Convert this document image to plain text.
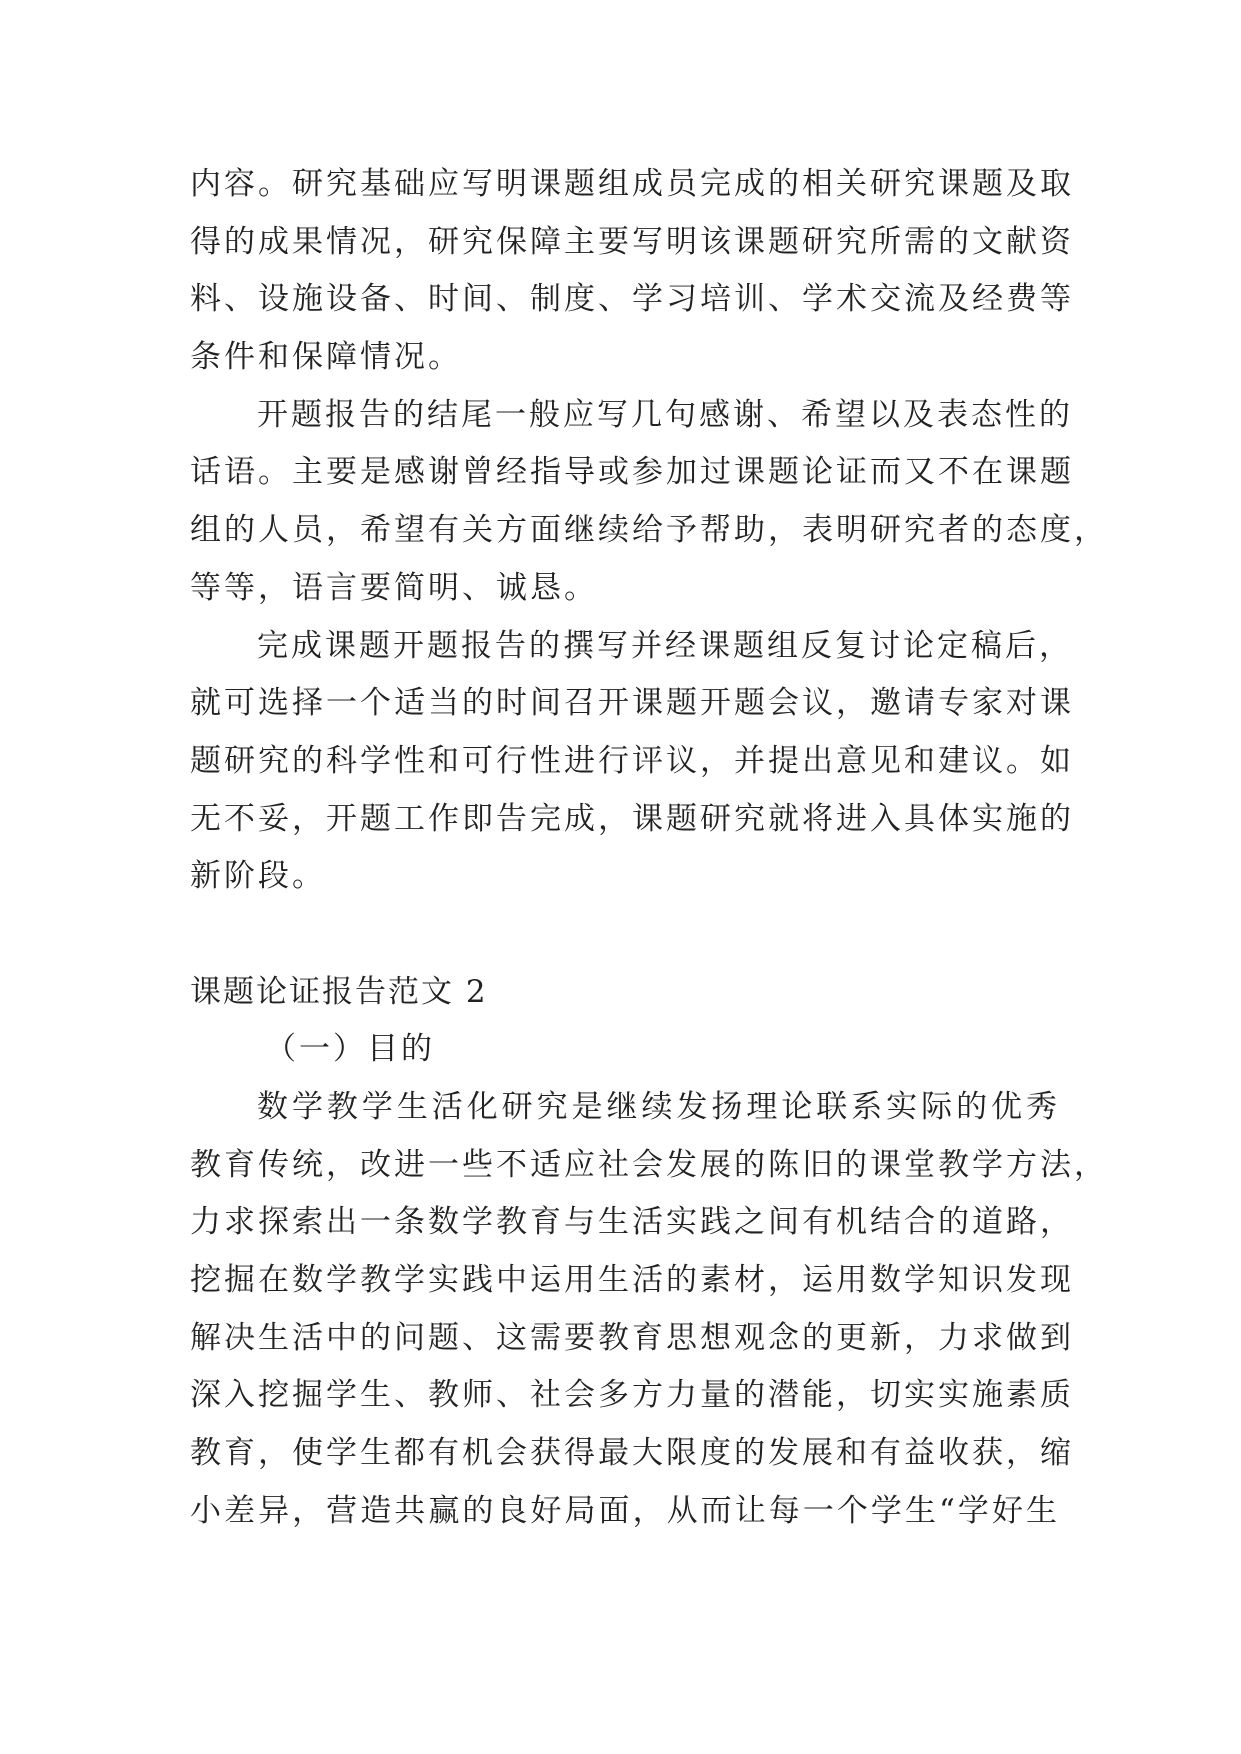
内容。研究基础应写明课题组成员完成的相关研究课题及取
得的成果情况，研究保障主要写明该课题研究所需的文献资
料、设施设备、时间、制度、学习培训、学术交流及经费等
条件和保障情况。
开题报告的结尾一般应写几句感谢、希望以及表态性的
话语。主要是感谢曾经指导或参加过课题论证而又不在课题
组的人员，希望有关方面继续给予帮助，表明研究者的态度，
等等，语言要简明、诚恳。
完成课题开题报告的撰写并经课题组反复讨论定稿后，
就可选择一个适当的时间召开课题开题会议，邀请专家对课
题研究的科学性和可行性进行评议，并提出意见和建议。如
无不妥，开题工作即告完成，课题研究就将进入具体实施的
新阶段。
课题论证报告范文 2
（一）目的
数学教学生活化研究是继续发扬理论联系实际的优秀
教育传统，改进一些不适应社会发展的陈旧的课堂教学方法，
力求探索出一条数学教育与生活实践之间有机结合的道路，
挖掘在数学教学实践中运用生活的素材，运用数学知识发现
解决生活中的问题、这需要教育思想观念的更新，力求做到
深入挖掘学生、教师、社会多方力量的潜能，切实实施素质
教育，使学生都有机会获得最大限度的发展和有益收获，缩
小差异，营造共赢的良好局面，从而让每一个学生“学好生
